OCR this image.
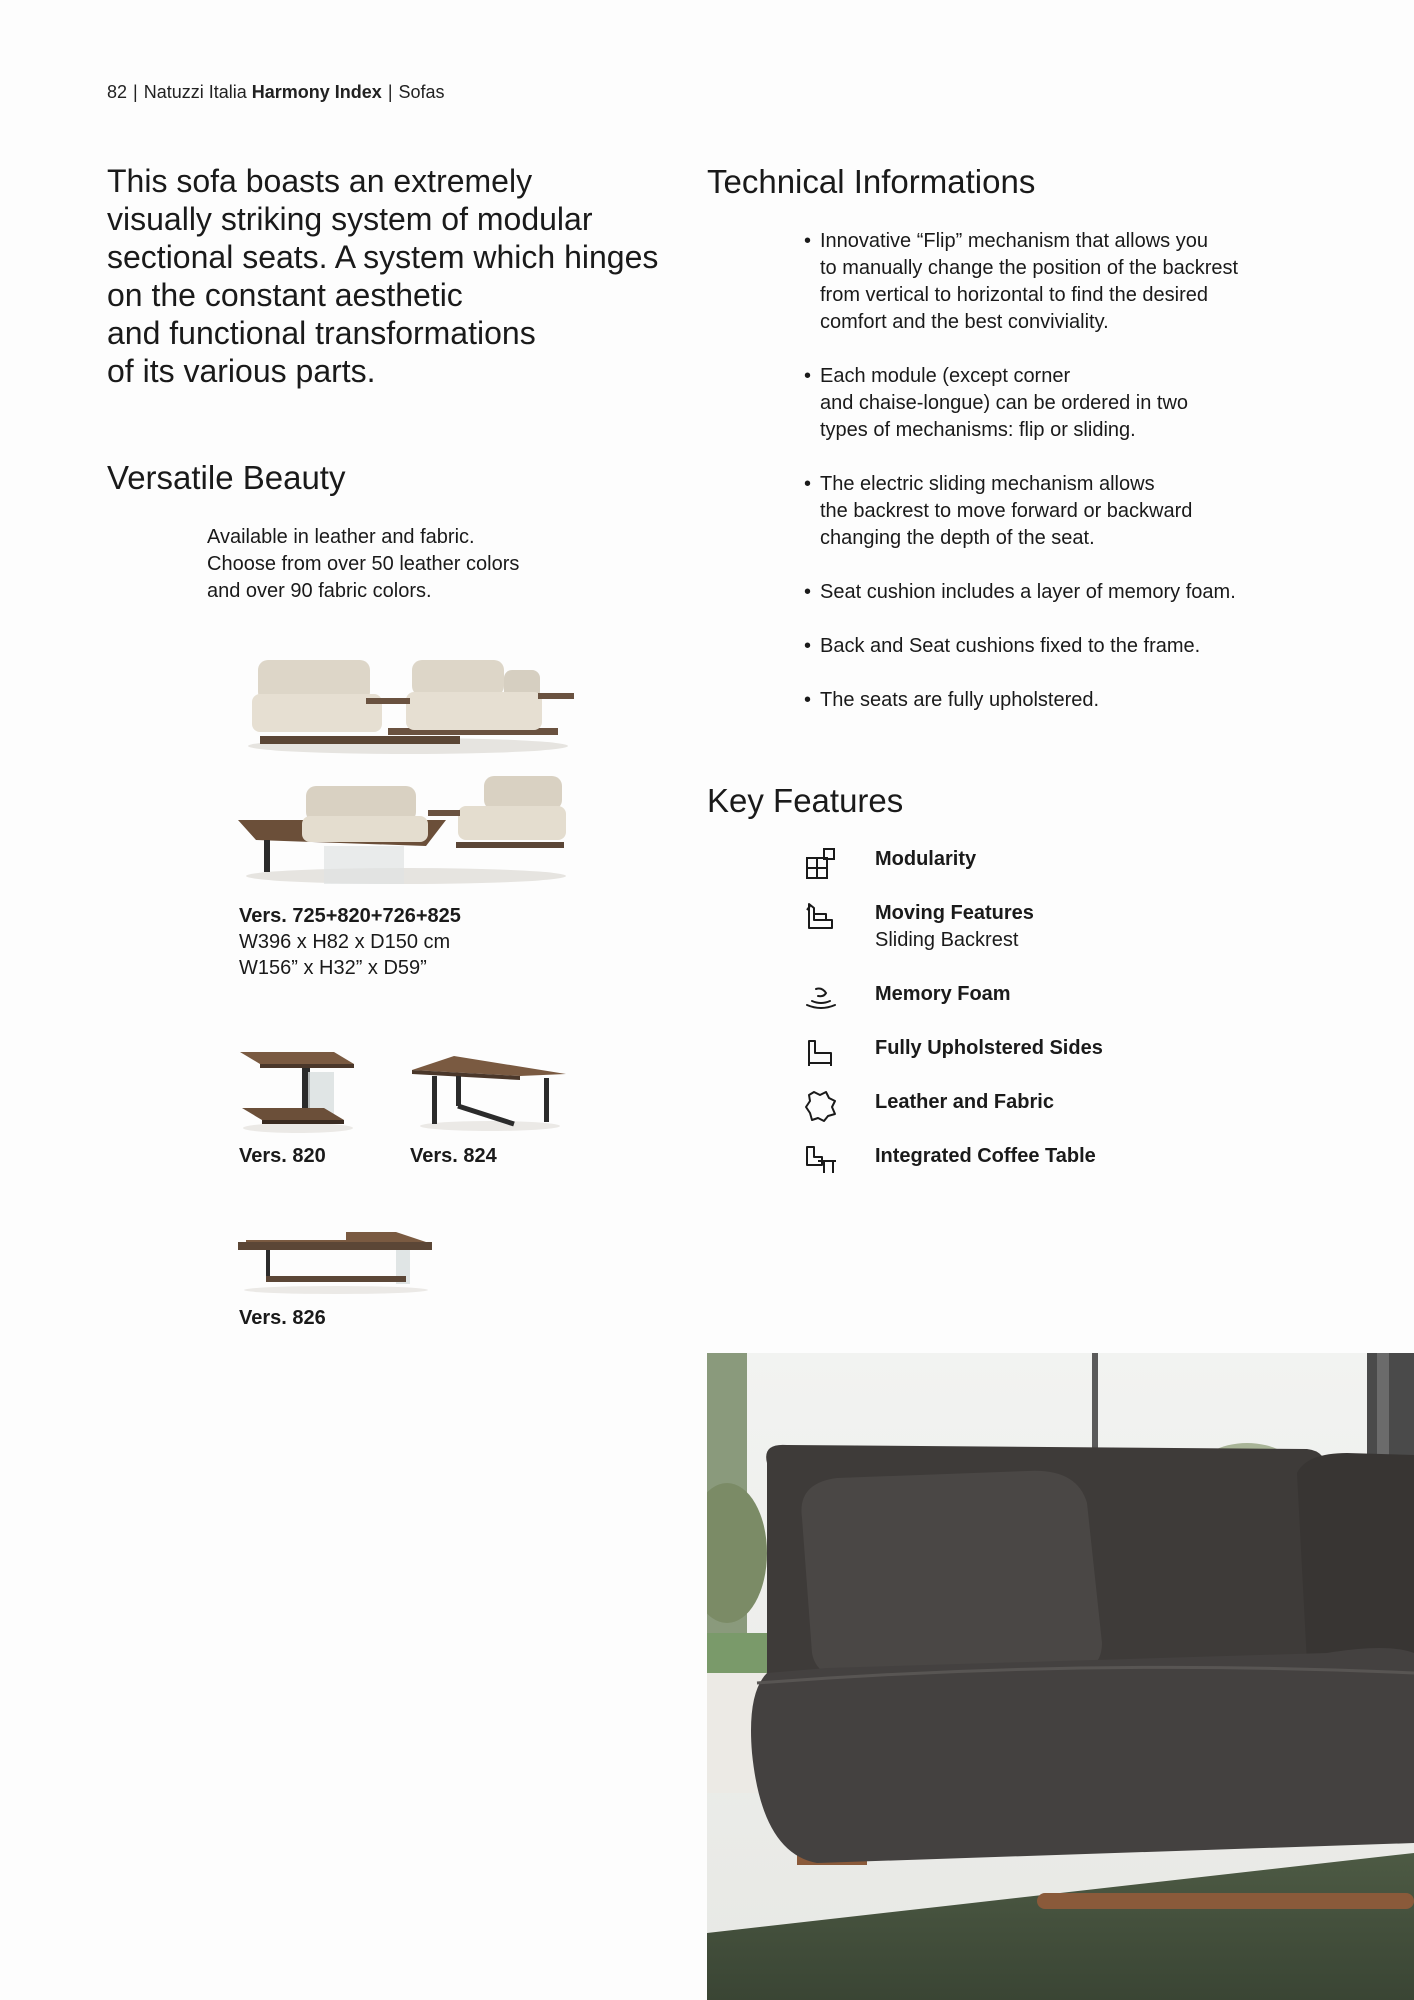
82 | Natuzzi Italia Harmony Index | Sofas
This sofa boasts an extremely
visually striking system of modular
sectional seats. A system which hinges
on the constant aesthetic
and functional transformations
of its various parts.
Versatile Beauty
Available in leather and fabric.
Choose from over 50 leather colors
and over 90 fabric colors.
Vers. 725+820+726+825
W396 x H82 x D150 cm
W156” x H32” x D59”
Vers. 820	Vers. 824
Vers. 826
Technical Informations
• Innovative “Flip” mechanism that allows you
to manually change the position of the backrest
from vertical to horizontal to find the desired
comfort and the best conviviality.
• Each module (except corner
and chaise-longue) can be ordered in two
types of mechanisms: flip or sliding.
• The electric sliding mechanism allows
the backrest to move forward or backward
changing the depth of the seat.
• Seat cushion includes a layer of memory foam.
• Back and Seat cushions fixed to the frame.
• The seats are fully upholstered.
Key Features
Modularity
Moving Features
Sliding Backrest
Memory Foam
Fully Upholstered Sides
Leather and Fabric
Integrated Coffee Table
